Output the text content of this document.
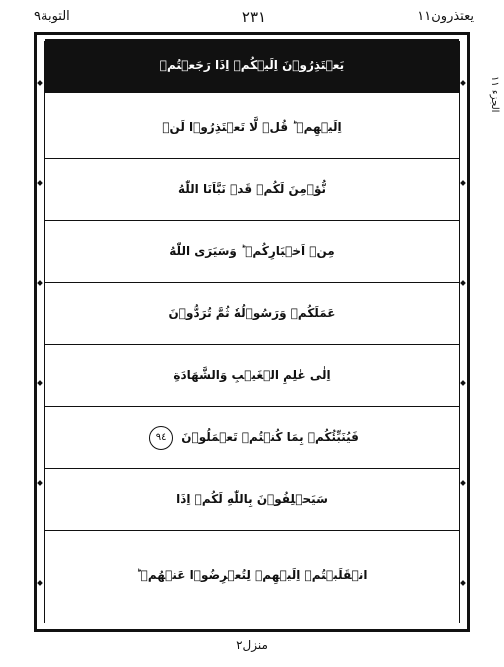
يعتذرون١١
٢٣١
التوبة٩
يَعۡتَذِرُوۡنَ اِلَيۡكُمۡ اِذَا رَجَعۡتُمۡ
اِلَيۡهِمۡ ؕ قُلۡ لَّا تَعۡتَذِرُوۡا لَنۡ
نُّؤۡمِنَ لَكُمۡ قَدۡ نَبَّاَنَا اللّٰهُ
مِنۡ اَخۡبَارِكُمۡ ؕ وَسَيَرَى اللّٰهُ
عَمَلَكُمۡ وَرَسُوۡلُهٗ ثُمَّ تُرَدُّوۡنَ
اِلٰى عٰلِمِ الۡغَيۡبِ وَالشَّهَادَةِ
فَيُنَبِّئُكُمۡ بِمَا كُنۡتُمۡ تَعۡمَلُوۡنَ ٩٤
سَيَحۡلِفُوۡنَ بِاللّٰهِ لَكُمۡ اِذَا
انۡقَلَبۡتُمۡ اِلَيۡهِمۡ لِتُعۡرِضُوۡا عَنۡهُمۡ ؕ
الجزء ١١
منزل٢
